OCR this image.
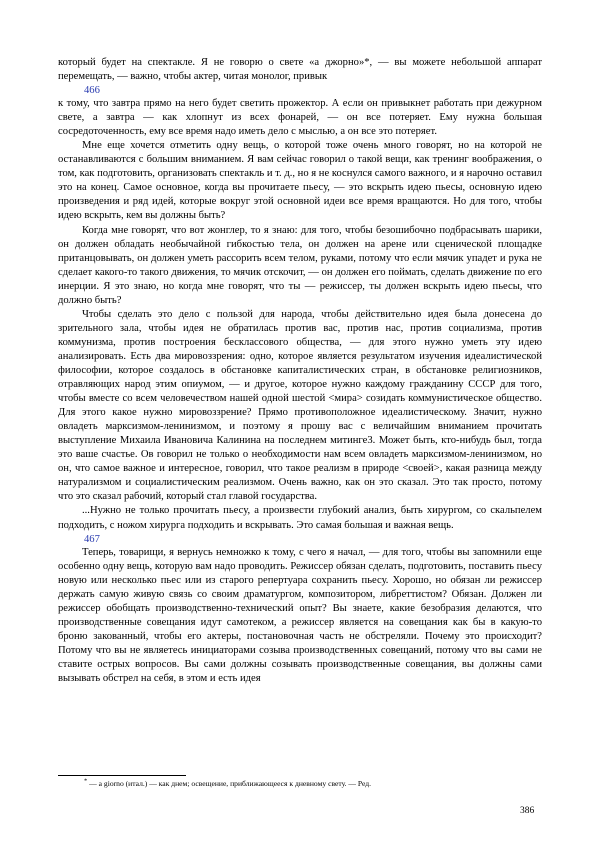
который будет на спектакле. Я не говорю о свете «а джорно»*, — вы можете небольшой аппарат перемещать, — важно, чтобы актер, читая монолог, привык

466

к тому, что завтра прямо на него будет светить прожектор. А если он привыкнет работать при дежурном свете, а завтра — как хлопнут из всех фонарей, — он все потеряет. Ему нужна большая сосредоточенность, ему все время надо иметь дело с мыслью, а он все это потеряет.

Мне еще хочется отметить одну вещь, о которой тоже очень много говорят, но на которой не останавливаются с большим вниманием. Я вам сейчас говорил о такой вещи, как тренинг воображения, о том, как подготовить, организовать спектакль и т. д., но я не коснулся самого важного, и я нарочно оставил это на конец. Самое основное, когда вы прочитаете пьесу, — это вскрыть идею пьесы, основную идею произведения и ряд идей, которые вокруг этой основной идеи все время вращаются. Но для того, чтобы идею вскрыть, кем вы должны быть?

Когда мне говорят, что вот жонглер, то я знаю: для того, чтобы безошибочно подбрасывать шарики, он должен обладать необычайной гибкостью тела, он должен на арене или сценической площадке пританцовывать, он должен уметь рассорить всем телом, руками, потому что если мячик упадет и рука не сделает какого-то такого движения, то мячик отскочит, — он должен его поймать, сделать движение по его инерции. Я это знаю, но когда мне говорят, что ты — режиссер, ты должен вскрыть идею пьесы, что должно быть?

Чтобы сделать это дело с пользой для народа, чтобы действительно идея была донесена до зрительного зала, чтобы идея не обратилась против вас, против нас, против социализма, против коммунизма, против построения бесклассового общества, — для этого нужно уметь эту идею анализировать. Есть два мировоззрения: одно, которое является результатом изучения идеалистической философии, которое создалось в обстановке капиталистических стран, в обстановке религиозников, отравляющих народ этим опиумом, — и другое, которое нужно каждому гражданину СССР для того, чтобы вместе со всем человечеством нашей одной шестой <мира> созидать коммунистическое общество. Для этого какое нужно мировоззрение? Прямо противоположное идеалистическому. Значит, нужно овладеть марксизмом-ленинизмом, и поэтому я прошу вас с величайшим вниманием прочитать выступление Михаила Ивановича Калинина на последнем митинге3. Может быть, кто-нибудь был, тогда это ваше счастье. Ов говорил не только о необходимости нам всем овладеть марксизмом-ленинизмом, но он, что самое важное и интересное, говорил, что такое реализм в природе <своей>, какая разница между натурализмом и социалистическим реализмом. Очень важно, как он это сказал. Это так просто, потому что это сказал рабочий, который стал главой государства.

...Нужно не только прочитать пьесу, а произвести глубокий анализ, быть хирургом, со скальпелем подходить, с ножом хирурга подходить и вскрывать. Это самая большая и важная вещь.

467

Теперь, товарищи, я вернусь немножко к тому, с чего я начал, — для того, чтобы вы запомнили еще особенно одну вещь, которую вам надо проводить. Режиссер обязан сделать, подготовить, поставить пьесу новую или несколько пьес или из старого репертуара сохранить пьесу. Хорошо, но обязан ли режиссер держать самую живую связь со своим драматургом, композитором, либреттистом? Обязан. Должен ли режиссер обобщать производственно-технический опыт? Вы знаете, какие безобразия делаются, что производственные совещания идут самотеком, а режиссер является на совещания как бы в какую-то броню закованный, чтобы его актеры, постановочная часть не обстреляли. Почему это происходит? Потому что вы не являетесь инициаторами созыва производственных совещаний, потому что вы сами не ставите острых вопросов. Вы сами должны созывать производственные совещания, вы должны сами вызывать обстрел на себя, в этом и есть идея

* — a giorno (итал.) — как днем; освещение, приближающееся к дневному свету. — Ред.
386
